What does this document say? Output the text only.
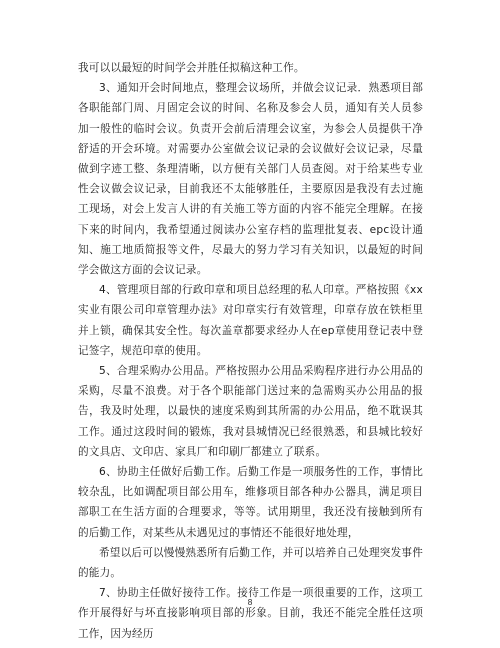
我可以以最短的时间学会并胜任拟稿这种工作。

3、通知开会时间地点，整理会议场所，并做会议记录．熟悉项目部各职能部门周、月固定会议的时间、名称及参会人员，通知有关人员参加一般性的临时会议。负责开会前后清理会议室，为参会人员提供干净舒适的开会环境。对需要办公室做会议记录的会议做好会议记录，尽量做到字迹工整、条理清晰，以方便有关部门人员查阅。对于给某些专业性会议做会议记录，目前我还不太能够胜任，主要原因是我没有去过施工现场，对会上发言人讲的有关施工等方面的内容不能完全理解。在接下来的时间内，我希望通过阅读办公室存档的监理批复表、epc设计通知、施工地质简报等文件，尽最大的努力学习有关知识，以最短的时间学会做这方面的会议记录。

4、管理项目部的行政印章和项目总经理的私人印章。严格按照《xx实业有限公司印章管理办法》对印章实行有效管理，印章存放在铁柜里并上锁，确保其安全性。每次盖章都要求经办人在ep章使用登记表中登记签字，规范印章的使用。

5、合理采购办公用品。严格按照办公用品采购程序进行办公用品的采购，尽量不浪费。对于各个职能部门送过来的急需购买办公用品的报告，我及时处理，以最快的速度采购到其所需的办公用品，绝不耽误其工作。通过这段时间的锻炼，我对县城情况已经很熟悉，和县城比较好的文具店、文印店、家具厂和印刷厂都建立了联系。

6、协助主任做好后勤工作。后勤工作是一项服务性的工作，事情比较杂乱，比如调配项目部公用车，维修项目部各种办公器具，满足项目部职工在生活方面的合理要求，等等。试用期里，我还没有接触到所有的后勤工作，对某些从未遇见过的事情还不能很好地处理，

希望以后可以慢慢熟悉所有后勤工作，并可以培养自己处理突发事件的能力。

7、协助主任做好接待工作。接待工作是一项很重要的工作，这项工作开展得好与坏直接影响项目部的形象。目前，我还不能完全胜任这项工作，因为经历

8
